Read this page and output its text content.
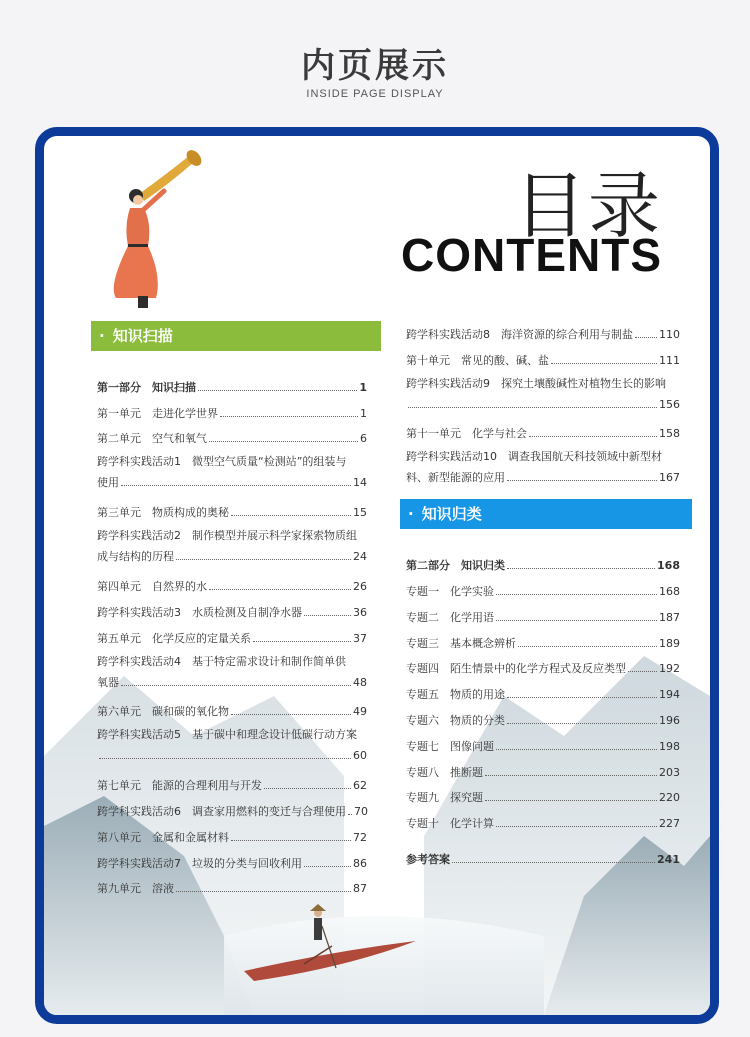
内页展示
INSIDE PAGE DISPLAY
目录
CONTENTS
· 知识扫描
第一部分　知识扫描	1
第一单元　走进化学世界	1
第二单元　空气和氧气	6
跨学科实践活动1　微型空气质量“检测站”的组装与
使用	14
第三单元　物质构成的奥秘	15
跨学科实践活动2　制作模型并展示科学家探索物质组
成与结构的历程	24
第四单元　自然界的水	26
跨学科实践活动3　水质检测及自制净水器	36
第五单元　化学反应的定量关系	37
跨学科实践活动4　基于特定需求设计和制作简单供
氧器	48
第六单元　碳和碳的氧化物	49
跨学科实践活动5　基于碳中和理念设计低碳行动方案
60
第七单元　能源的合理利用与开发	62
跨学科实践活动6　调查家用燃料的变迁与合理使用 70
第八单元　金属和金属材料	72
跨学科实践活动7　垃圾的分类与回收利用	86
第九单元　溶液	87
跨学科实践活动8　海洋资源的综合利用与制盐 110
第十单元　常见的酸、碱、盐	111
跨学科实践活动9　探究土壤酸碱性对植物生长的影响
156
第十一单元　化学与社会	158
跨学科实践活动10　调查我国航天科技领域中新型材
料、新型能源的应用	167
· 知识归类
第二部分　知识归类	168
专题一　化学实验	168
专题二　化学用语	187
专题三　基本概念辨析	189
专题四　陌生情景中的化学方程式及反应类型	192
专题五　物质的用途	194
专题六　物质的分类	196
专题七　图像问题	198
专题八　推断题	203
专题九　探究题	220
专题十　化学计算	227
参考答案	241
